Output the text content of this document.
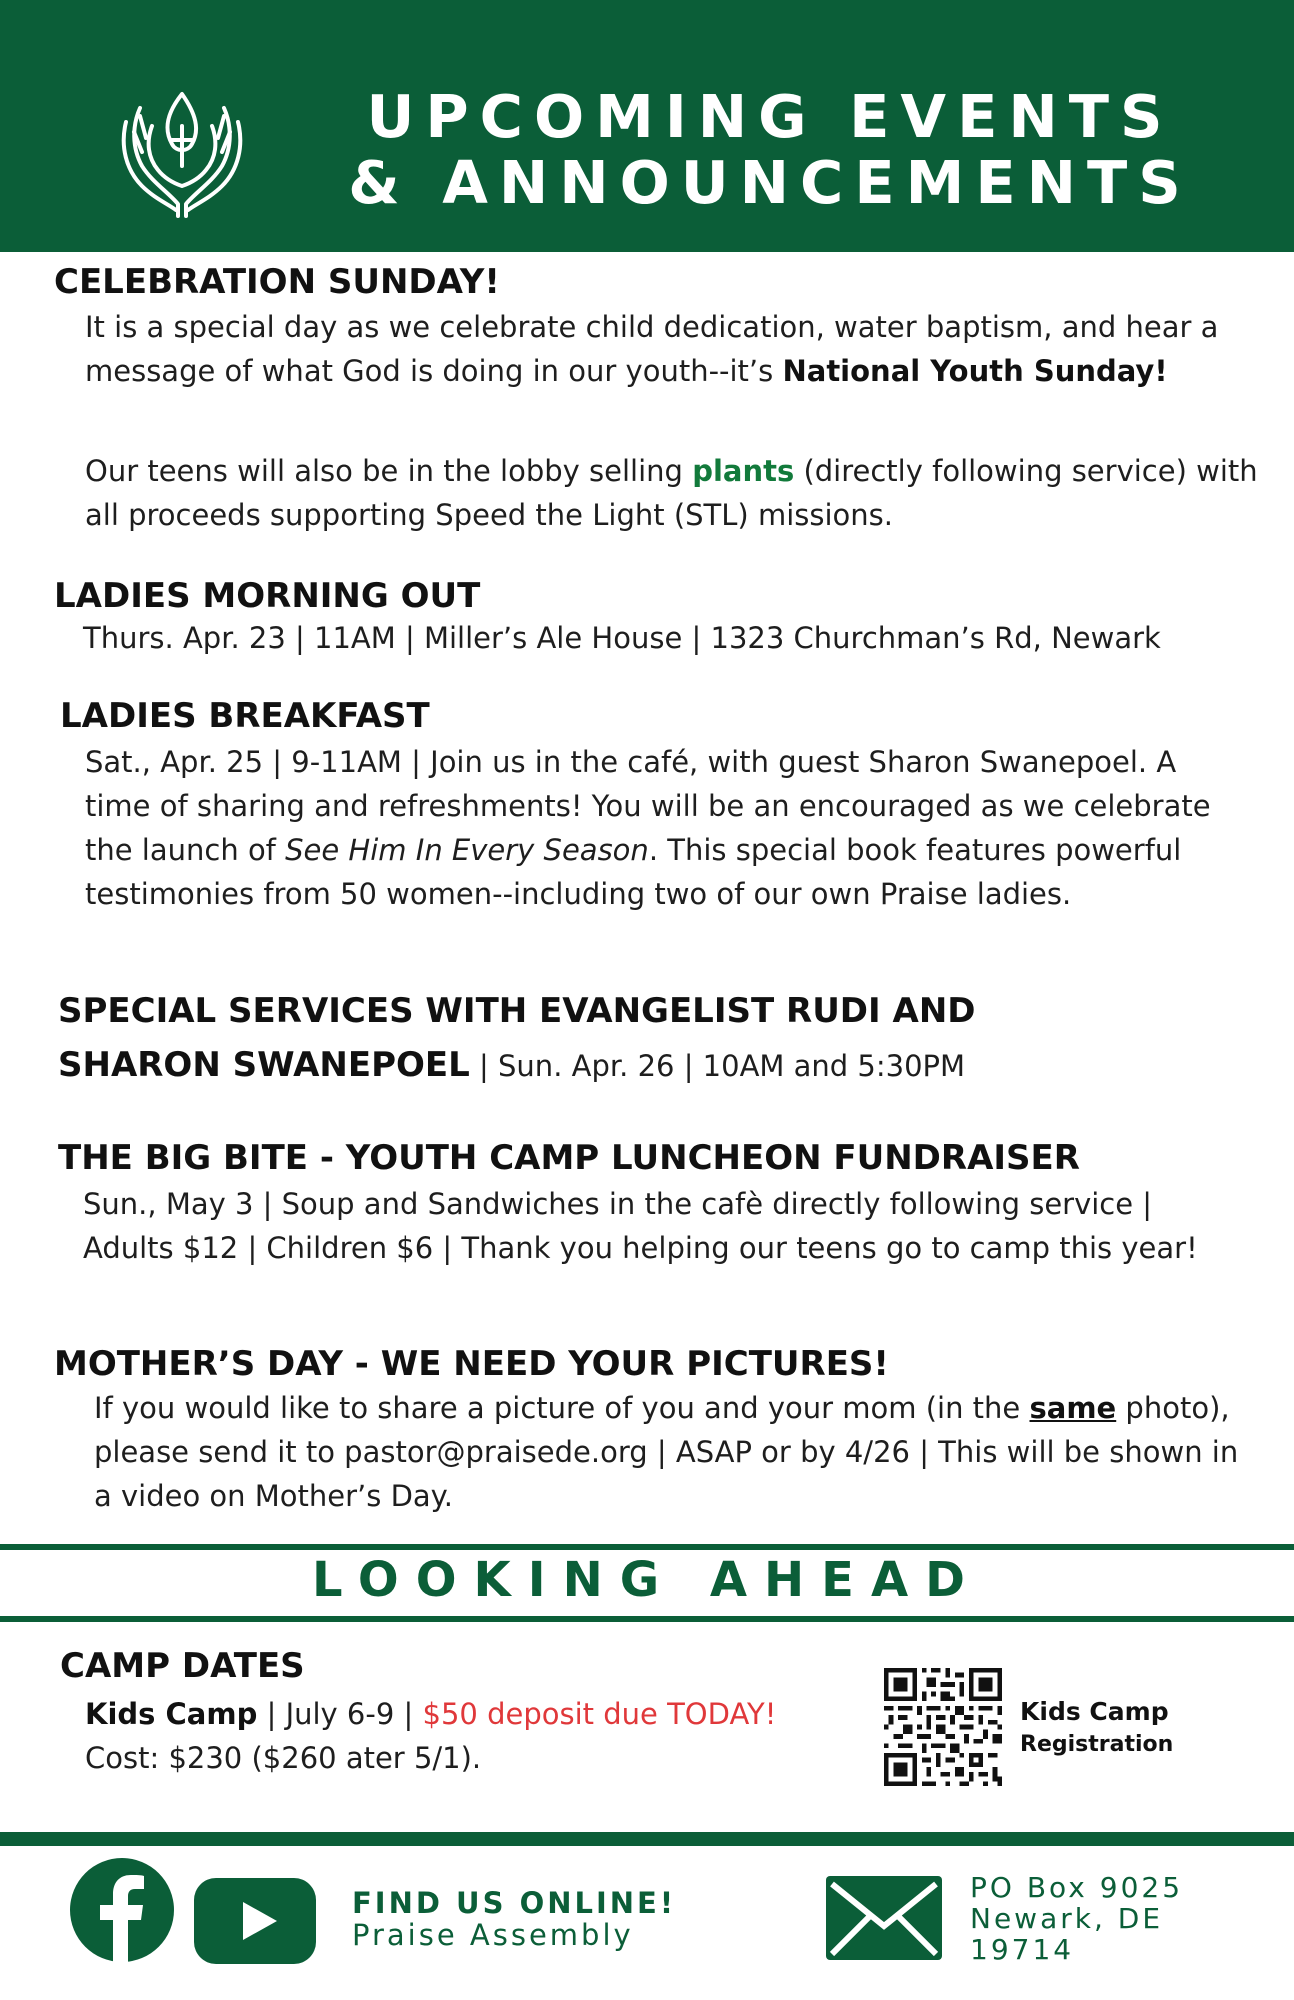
UPCOMING EVENTS
& ANNOUNCEMENTS
CELEBRATION SUNDAY!
It is a special day as we celebrate child dedication, water baptism, and hear a message of what God is doing in our youth--it’s National Youth Sunday!
Our teens will also be in the lobby selling plants (directly following service) with all proceeds supporting Speed the Light (STL) missions.
LADIES MORNING OUT
Thurs. Apr. 23 | 11AM | Miller’s Ale House | 1323 Churchman’s Rd, Newark
LADIES BREAKFAST
Sat., Apr. 25 | 9-11AM | Join us in the café, with guest Sharon Swanepoel. A time of sharing and refreshments! You will be an encouraged as we celebrate the launch of See Him In Every Season. This special book features powerful testimonies from 50 women--including two of our own Praise ladies.
SPECIAL SERVICES WITH EVANGELIST RUDI AND
SHARON SWANEPOEL | Sun. Apr. 26 | 10AM and 5:30PM
THE BIG BITE - YOUTH CAMP LUNCHEON FUNDRAISER
Sun., May 3 | Soup and Sandwiches in the cafè directly following service | Adults $12 | Children $6 | Thank you helping our teens go to camp this year!
MOTHER’S DAY - WE NEED YOUR PICTURES!
If you would like to share a picture of you and your mom (in the same photo), please send it to pastor@praisede.org | ASAP or by 4/26 | This will be shown in a video on Mother’s Day.
LOOKING AHEAD
CAMP DATES
Kids Camp | July 6-9 | $50 deposit due TODAY!
Cost: $230 ($260 ater 5/1).
Kids Camp
Registration
FIND US ONLINE!
Praise Assembly
PO Box 9025
Newark, DE
19714
